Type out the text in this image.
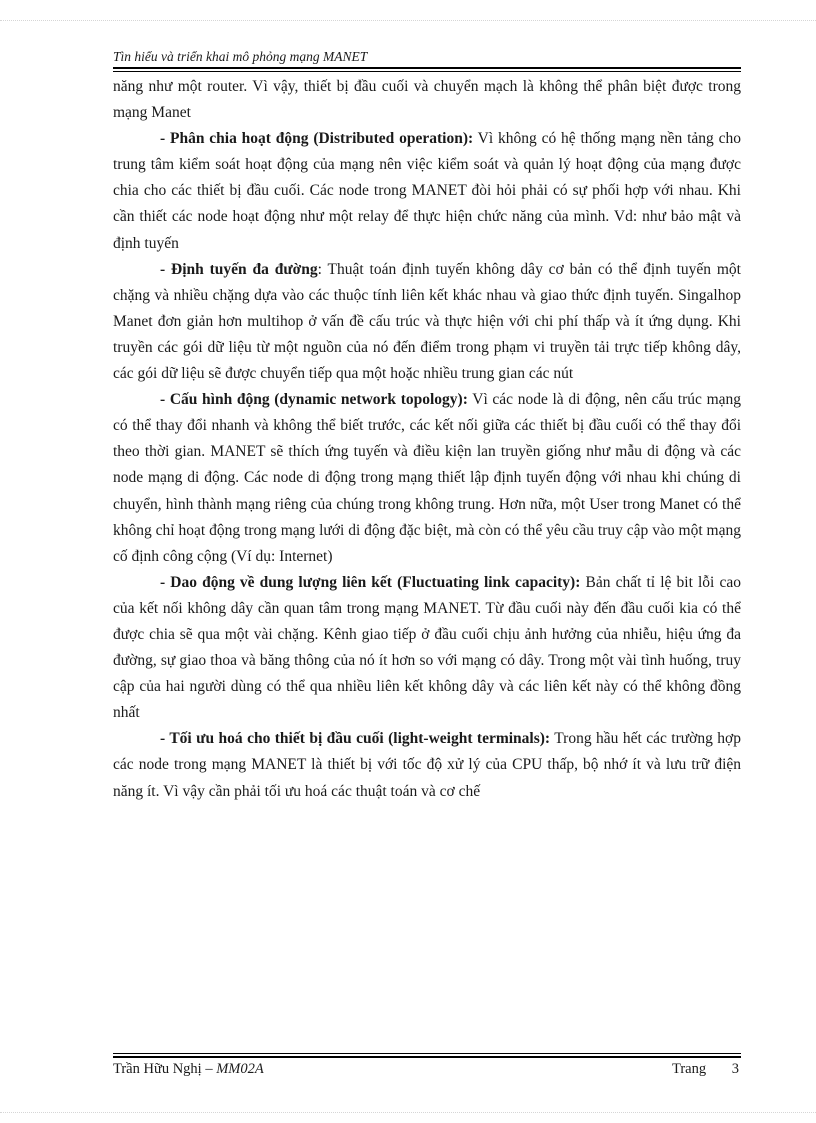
Tìn hiểu và triển khai mô phỏng mạng MANET

năng như một router. Vì vậy, thiết bị đầu cuối và chuyển mạch là không thể phân biệt được trong mạng Manet

- Phân chia hoạt động (Distributed operation): Vì không có hệ thống mạng nền tảng cho trung tâm kiểm soát hoạt động của mạng nên việc kiểm soát và quản lý hoạt động của mạng được chia cho các thiết bị đầu cuối. Các node trong MANET đòi hỏi phải có sự phối hợp với nhau. Khi cần thiết các node hoạt động như một relay để thực hiện chức năng của mình. Vd: như bảo mật và định tuyến

- Định tuyến đa đường: Thuật toán định tuyến không dây cơ bản có thể định tuyến một chặng và nhiều chặng dựa vào các thuộc tính liên kết khác nhau và giao thức định tuyến. Singalhop Manet đơn giản hơn multihop ở vấn đề cấu trúc và thực hiện với chi phí thấp và ít ứng dụng. Khi truyền các gói dữ liệu từ một nguồn của nó đến điểm trong phạm vi truyền tải trực tiếp không dây, các gói dữ liệu sẽ được chuyển tiếp qua một hoặc nhiều trung gian các nút

- Cấu hình động (dynamic network topology): Vì các node là di động, nên cấu trúc mạng có thể thay đổi nhanh và không thể biết trước, các kết nối giữa các thiết bị đầu cuối có thể thay đổi theo thời gian. MANET sẽ thích ứng tuyến và điều kiện lan truyền giống như mẫu di động và các node mạng di động. Các node di động trong mạng thiết lập định tuyến động với nhau khi chúng di chuyển, hình thành mạng riêng của chúng trong không trung. Hơn nữa, một User trong Manet có thể không chỉ hoạt động trong mạng lưới di động đặc biệt, mà còn có thể yêu cầu truy cập vào một mạng cố định công cộng (Ví dụ: Internet)

- Dao động về dung lượng liên kết (Fluctuating link capacity): Bản chất tỉ lệ bit lỗi cao của kết nối không dây cần quan tâm trong mạng MANET. Từ đầu cuối này đến đầu cuối kia có thể được chia sẽ qua một vài chặng. Kênh giao tiếp ở đầu cuối chịu ảnh hưởng của nhiễu, hiệu ứng đa đường, sự giao thoa và băng thông của nó ít hơn so với mạng có dây. Trong một vài tình huống, truy cập của hai người dùng có thể qua nhiều liên kết không dây và các liên kết này có thể không đồng nhất

- Tối ưu hoá cho thiết bị đầu cuối (light-weight terminals): Trong hầu hết các trường hợp các node trong mạng MANET là thiết bị với tốc độ xử lý của CPU thấp, bộ nhớ ít và lưu trữ điện năng ít. Vì vậy cần phải tối ưu hoá các thuật toán và cơ chế

Trần Hữu Nghị – MM02A	Trang 3
